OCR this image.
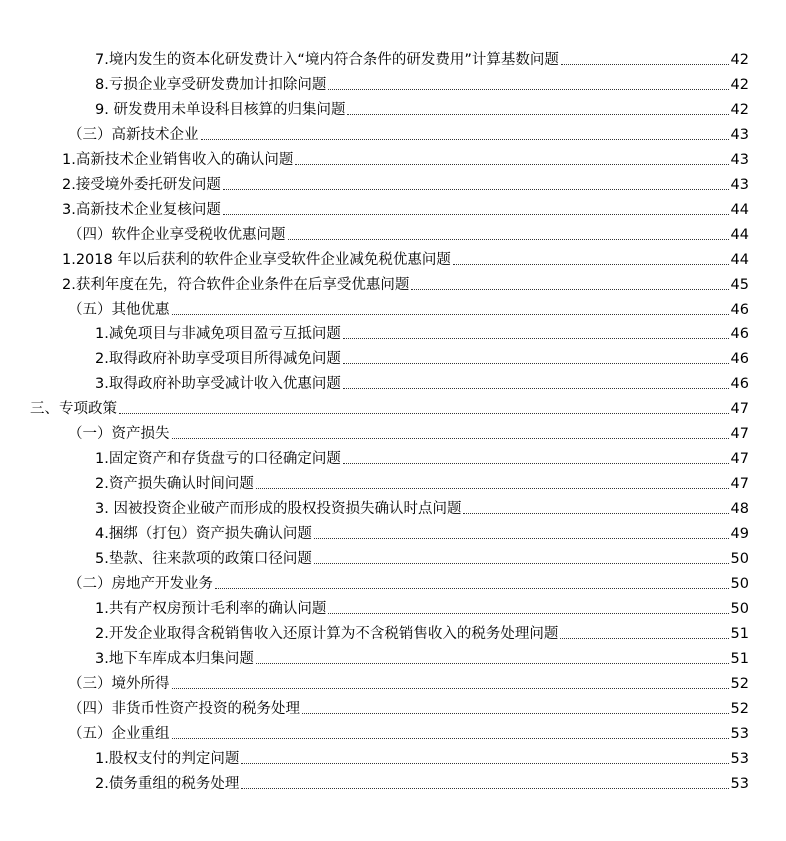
7.境内发生的资本化研发费计入“境内符合条件的研发费用”计算基数问题	42
8.亏损企业享受研发费加计扣除问题	42
9. 研发费用未单设科目核算的归集问题	42
（三）高新技术企业	43
1.高新技术企业销售收入的确认问题	43
2.接受境外委托研发问题	43
3.高新技术企业复核问题	44
（四）软件企业享受税收优惠问题	44
1.2018 年以后获利的软件企业享受软件企业减免税优惠问题	44
2.获利年度在先，符合软件企业条件在后享受优惠问题	45
（五）其他优惠	46
1.减免项目与非减免项目盈亏互抵问题	46
2.取得政府补助享受项目所得减免问题	46
3.取得政府补助享受减计收入优惠问题	46
三、专项政策	47
（一）资产损失	47
1.固定资产和存货盘亏的口径确定问题	47
2.资产损失确认时间问题	47
3. 因被投资企业破产而形成的股权投资损失确认时点问题	48
4.捆绑（打包）资产损失确认问题	49
5.垫款、往来款项的政策口径问题	50
（二）房地产开发业务	50
1.共有产权房预计毛利率的确认问题	50
2.开发企业取得含税销售收入还原计算为不含税销售收入的税务处理问题	51
3.地下车库成本归集问题	51
（三）境外所得	52
（四）非货币性资产投资的税务处理	52
（五）企业重组	53
1.股权支付的判定问题	53
2.债务重组的税务处理	53
